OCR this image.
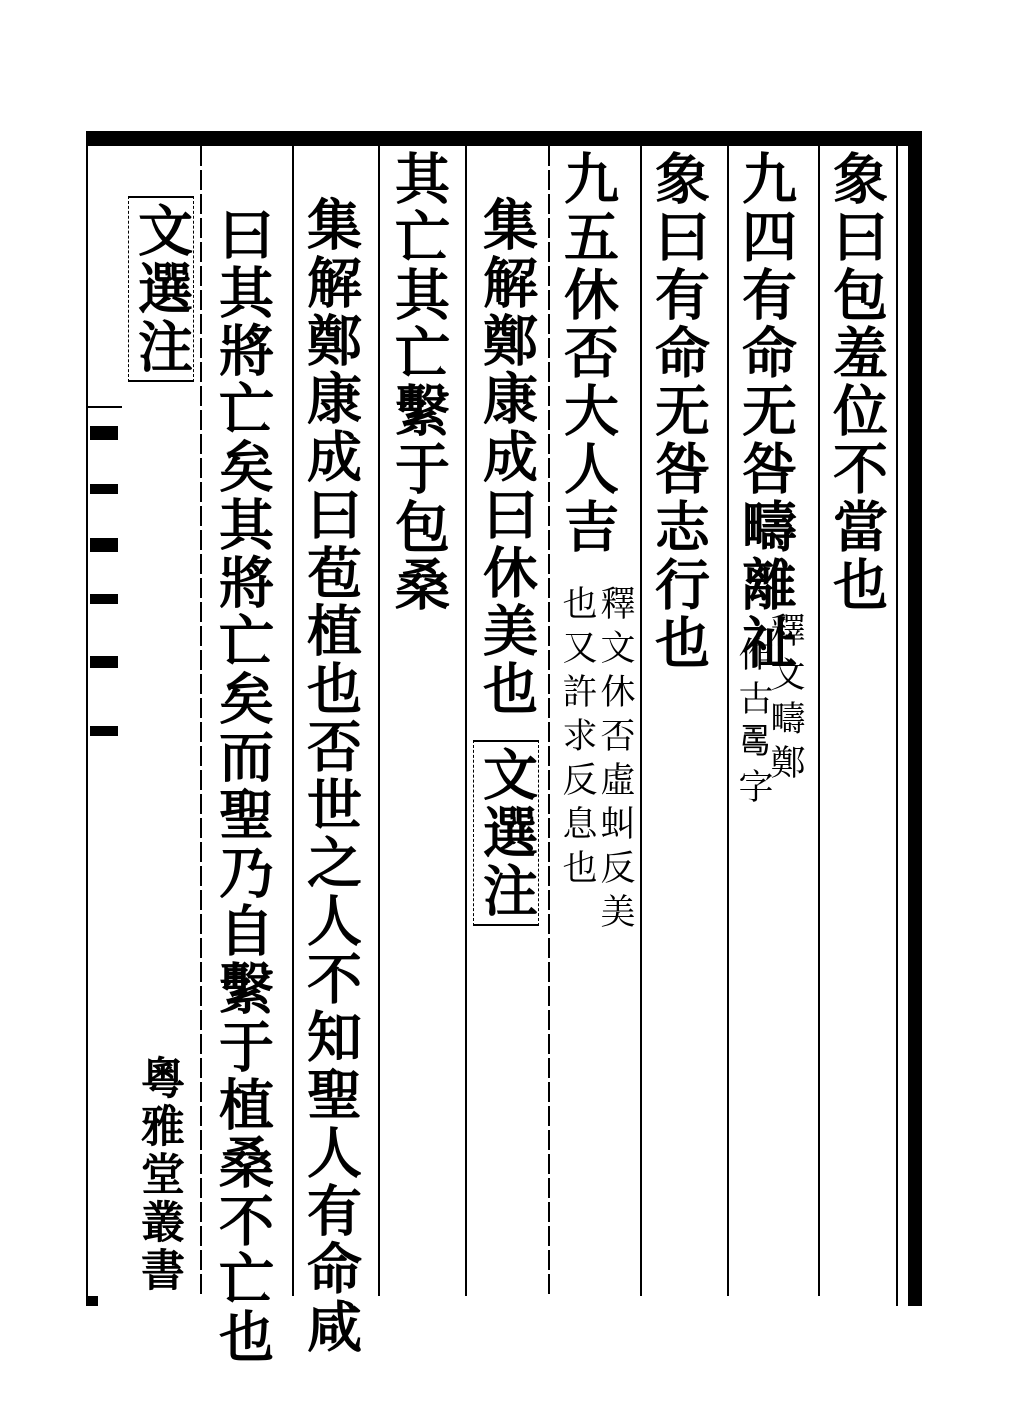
象曰包羞位不當也
九四有命无咎疇離祉
釋文疇鄭
作古𠷎字
象曰有命无咎志行也
九五休否大人吉
釋文休否虛虯反美
也又許求反息也
集解鄭康成曰休美也 文選注
其亡其亡繫于包桑
集解鄭康成曰苞植也否世之人不知聖人有命咸
曰其將亡矣其將亡矣而聖乃自繫于植桑不亡也
文選注
粵雅堂叢書
